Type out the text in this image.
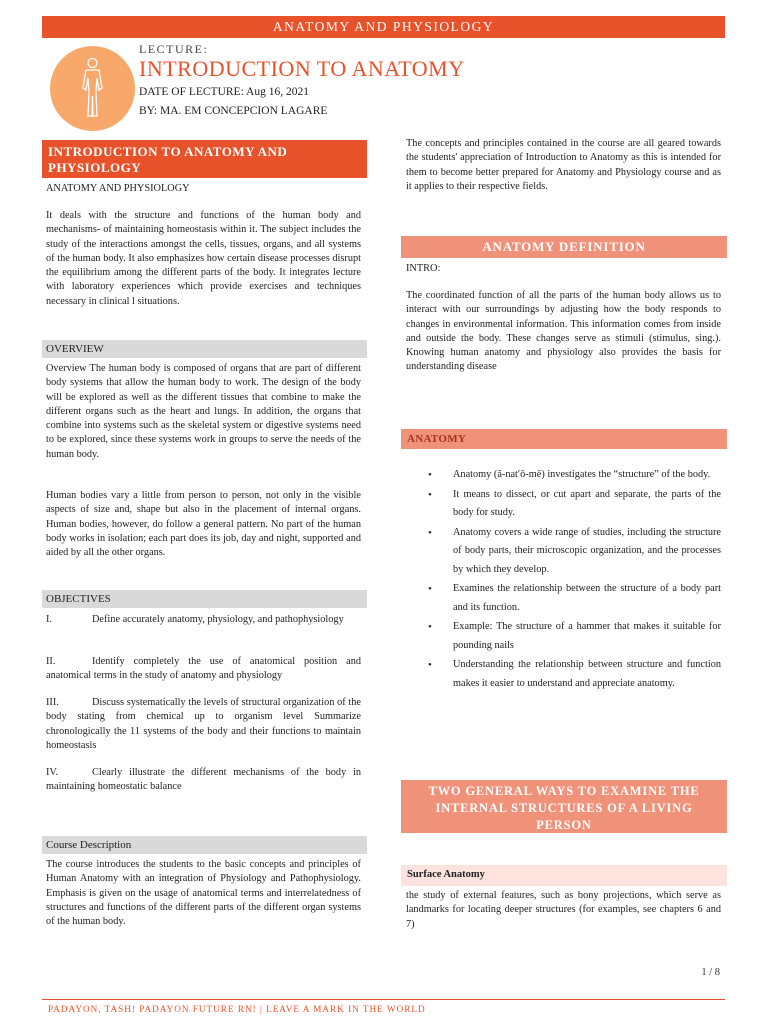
ANATOMY AND PHYSIOLOGY
LECTURE:
INTRODUCTION TO ANATOMY
DATE OF LECTURE: Aug 16, 2021
BY: MA. EM CONCEPCION LAGARE
INTRODUCTION TO ANATOMY AND PHYSIOLOGY
ANATOMY AND PHYSIOLOGY
It deals with the structure and functions of the human body and mechanisms- of maintaining homeostasis within it. The subject includes the study of the interactions amongst the cells, tissues, organs, and all systems of the human body. It also emphasizes how certain disease processes disrupt the equilibrium among the different parts of the body. It integrates lecture with laboratory experiences which provide exercises and techniques necessary in clinical l situations.
OVERVIEW
Overview The human body is composed of organs that are part of different body systems that allow the human body to work. The design of the body will be explored as well as the different tissues that combine to make the different organs such as the heart and lungs. In addition, the organs that combine into systems such as the skeletal system or digestive systems need to be explored, since these systems work in groups to serve the needs of the human body.
Human bodies vary a little from person to person, not only in the visible aspects of size and, shape but also in the placement of internal organs. Human bodies, however, do follow a general pattern. No part of the human body works in isolation; each part does its job, day and night, supported and aided by all the other organs.
OBJECTIVES
I.	Define accurately anatomy, physiology, and pathophysiology
II.	Identify completely the use of anatomical position and anatomical terms in the study of anatomy and physiology
III.	Discuss systematically the levels of structural organization of the body stating from chemical up to organism level Summarize chronologically the 11 systems of the body and their functions to maintain homeostasis
IV.	Clearly illustrate the different mechanisms of the body in maintaining homeostatic balance
Course Description
The course introduces the students to the basic concepts and principles of Human Anatomy with an integration of Physiology and Pathophysiology. Emphasis is given on the usage of anatomical terms and interrelatedness of structures and functions of the different parts of the different organ systems of the human body.
The concepts and principles contained in the course are all geared towards the students' appreciation of Introduction to Anatomy as this is intended for them to become better prepared for Anatomy and Physiology course and as it applies to their respective fields.
ANATOMY DEFINITION
INTRO:
The coordinated function of all the parts of the human body allows us to interact with our surroundings by adjusting how the body responds to changes in environmental information. This information comes from inside and outside the body. These changes serve as stimuli (stimulus, sing.). Knowing human anatomy and physiology also provides the basis for understanding disease
ANATOMY
• Anatomy (ă-nat′ō-mē) investigates the “structure” of the body.
• It means to dissect, or cut apart and separate, the parts of the body for study.
• Anatomy covers a wide range of studies, including the structure of body parts, their microscopic organization, and the processes by which they develop.
• Examines the relationship between the structure of a body part and its function.
• Example: The structure of a hammer that makes it suitable for pounding nails
• Understanding the relationship between structure and function makes it easier to understand and appreciate anatomy.
TWO GENERAL WAYS TO EXAMINE THE INTERNAL STRUCTURES OF A LIVING PERSON
Surface Anatomy
the study of external features, such as bony projections, which serve as landmarks for locating deeper structures (for examples, see chapters 6 and 7)
1 / 8
PADAYON, TASH! PADAYON FUTURE RN! | LEAVE A MARK IN THE WORLD
